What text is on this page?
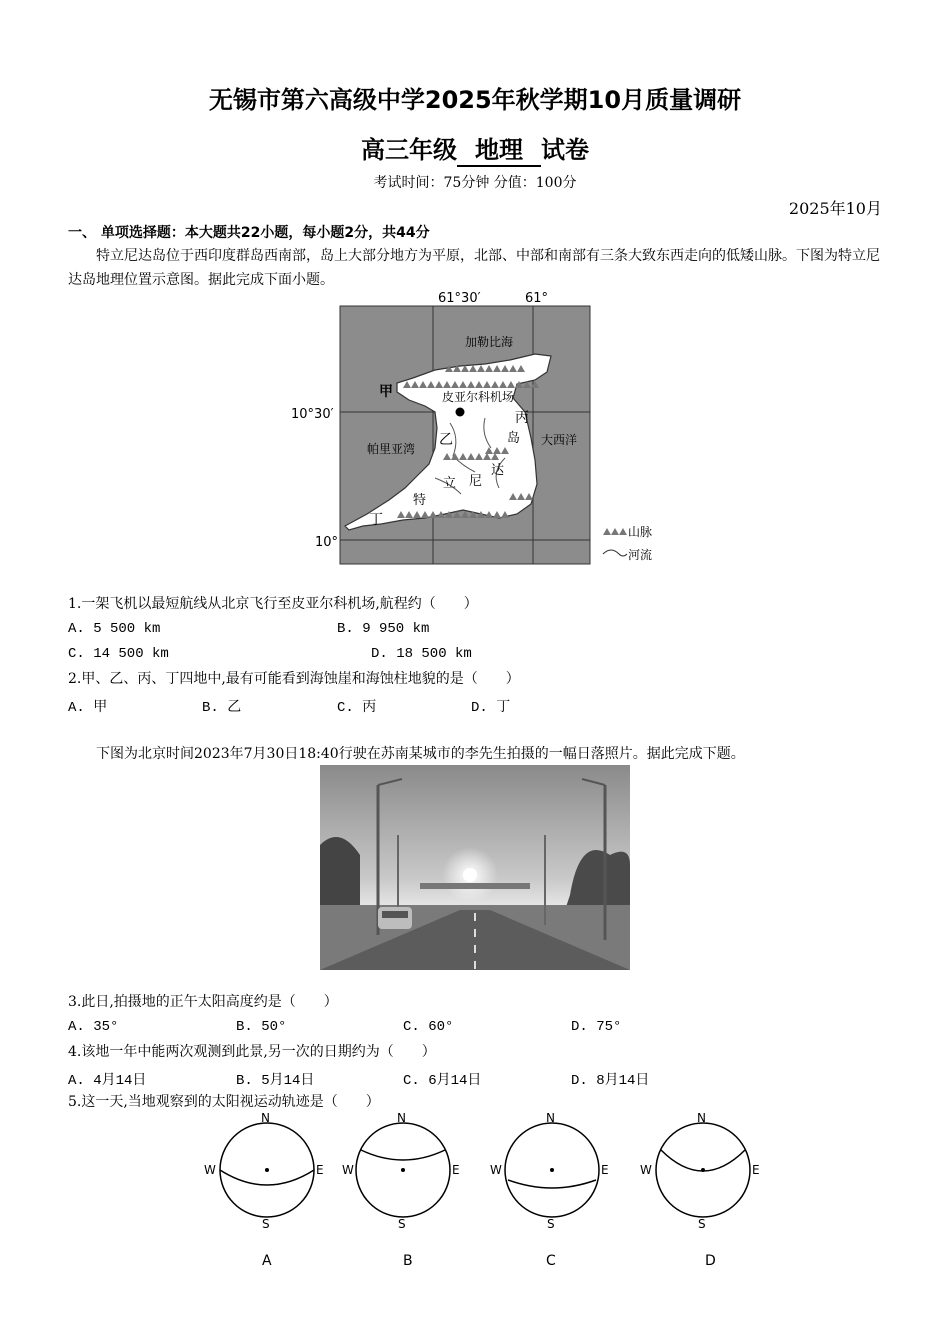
无锡市第六高级中学2025年秋学期10月质量调研
高三年级 地理 试卷
考试时间：75分钟 分值：100分
2025年10月
一、 单项选择题：本大题共22小题，每小题2分，共44分
特立尼达岛位于西印度群岛西南部，岛上大部分地方为平原，北部、中部和南部有三条大致东西走向的低矮山脉。下图为特立尼达岛地理位置示意图。据此完成下面小题。
61°30′	61°
10°30′
10°
加勒比海
皮亚尔科机场
帕里亚湾
大西洋
甲
乙
丙
丁
岛
达
尼
立
特
山脉
河流
1.一架飞机以最短航线从北京飞行至皮亚尔科机场,航程约（　　）
A. 5 500 km	B. 9 950 km
C. 14 500 km	D. 18 500 km
2.甲、乙、丙、丁四地中,最有可能看到海蚀崖和海蚀柱地貌的是（　　）
A. 甲	B. 乙	C. 丙	D. 丁
下图为北京时间2023年7月30日18:40行驶在苏南某城市的李先生拍摄的一幅日落照片。据此完成下题。
3.此日,拍摄地的正午太阳高度约是（　　）
A. 35°	B. 50°	C. 60°	D. 75°
4.该地一年中能两次观测到此景,另一次的日期约为（　　）
A. 4月14日	B. 5月14日	C. 6月14日	D. 8月14日
5.这一天,当地观察到的太阳视运动轨迹是（　　）
N
S
W	E
A
N
S
W	E
B
N
S
W	E
C
N
S
W	E
D
